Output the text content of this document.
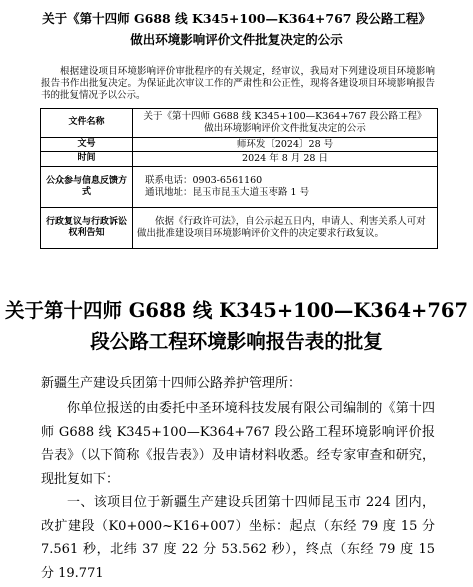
关于《第十四师 G688 线 K345+100—K364+767 段公路工程》
做出环境影响评价文件批复决定的公示
根据建设项目环境影响评价审批程序的有关规定，经审议，我局对下列建设项目环境影响报告书作出批复决定。为保证此次审议工作的严肃性和公正性，现将各建设项目环境影响报告书的批复情况予以公示。
文件名称	关于《第十四师 G688 线 K345+100—K364+767 段公路工程》
做出环境影响评价文件批复决定的公示

文号	师环发〔2024〕28 号
时间	2024 年 8 月 28 日
公众参与信息反馈方式	联系电话：0903-6561160
通讯地址：昆玉市昆玉大道玉枣路 1 号

行政复议与行政诉讼权利告知	依据《行政许可法》，自公示起五日内，申请人、利害关系人可对做出批准建设项目环境影响评价文件的决定要求行政复议。
关于第十四师 G688 线 K345+100—K364+767
段公路工程环境影响报告表的批复
新疆生产建设兵团第十四师公路养护管理所：

你单位报送的由委托中圣环境科技发展有限公司编制的《第十四师 G688 线 K345+100—K364+767 段公路工程环境影响评价报告表》（以下简称《报告表》）及申请材料收悉。经专家审查和研究，现批复如下：

一、该项目位于新疆生产建设兵团第十四师昆玉市 224 团内，改扩建段（K0+000~K16+007）坐标：起点（东经 79 度 15 分 7.561 秒，北纬 37 度 22 分 53.562 秒），终点（东经 79 度 15 分 19.771
